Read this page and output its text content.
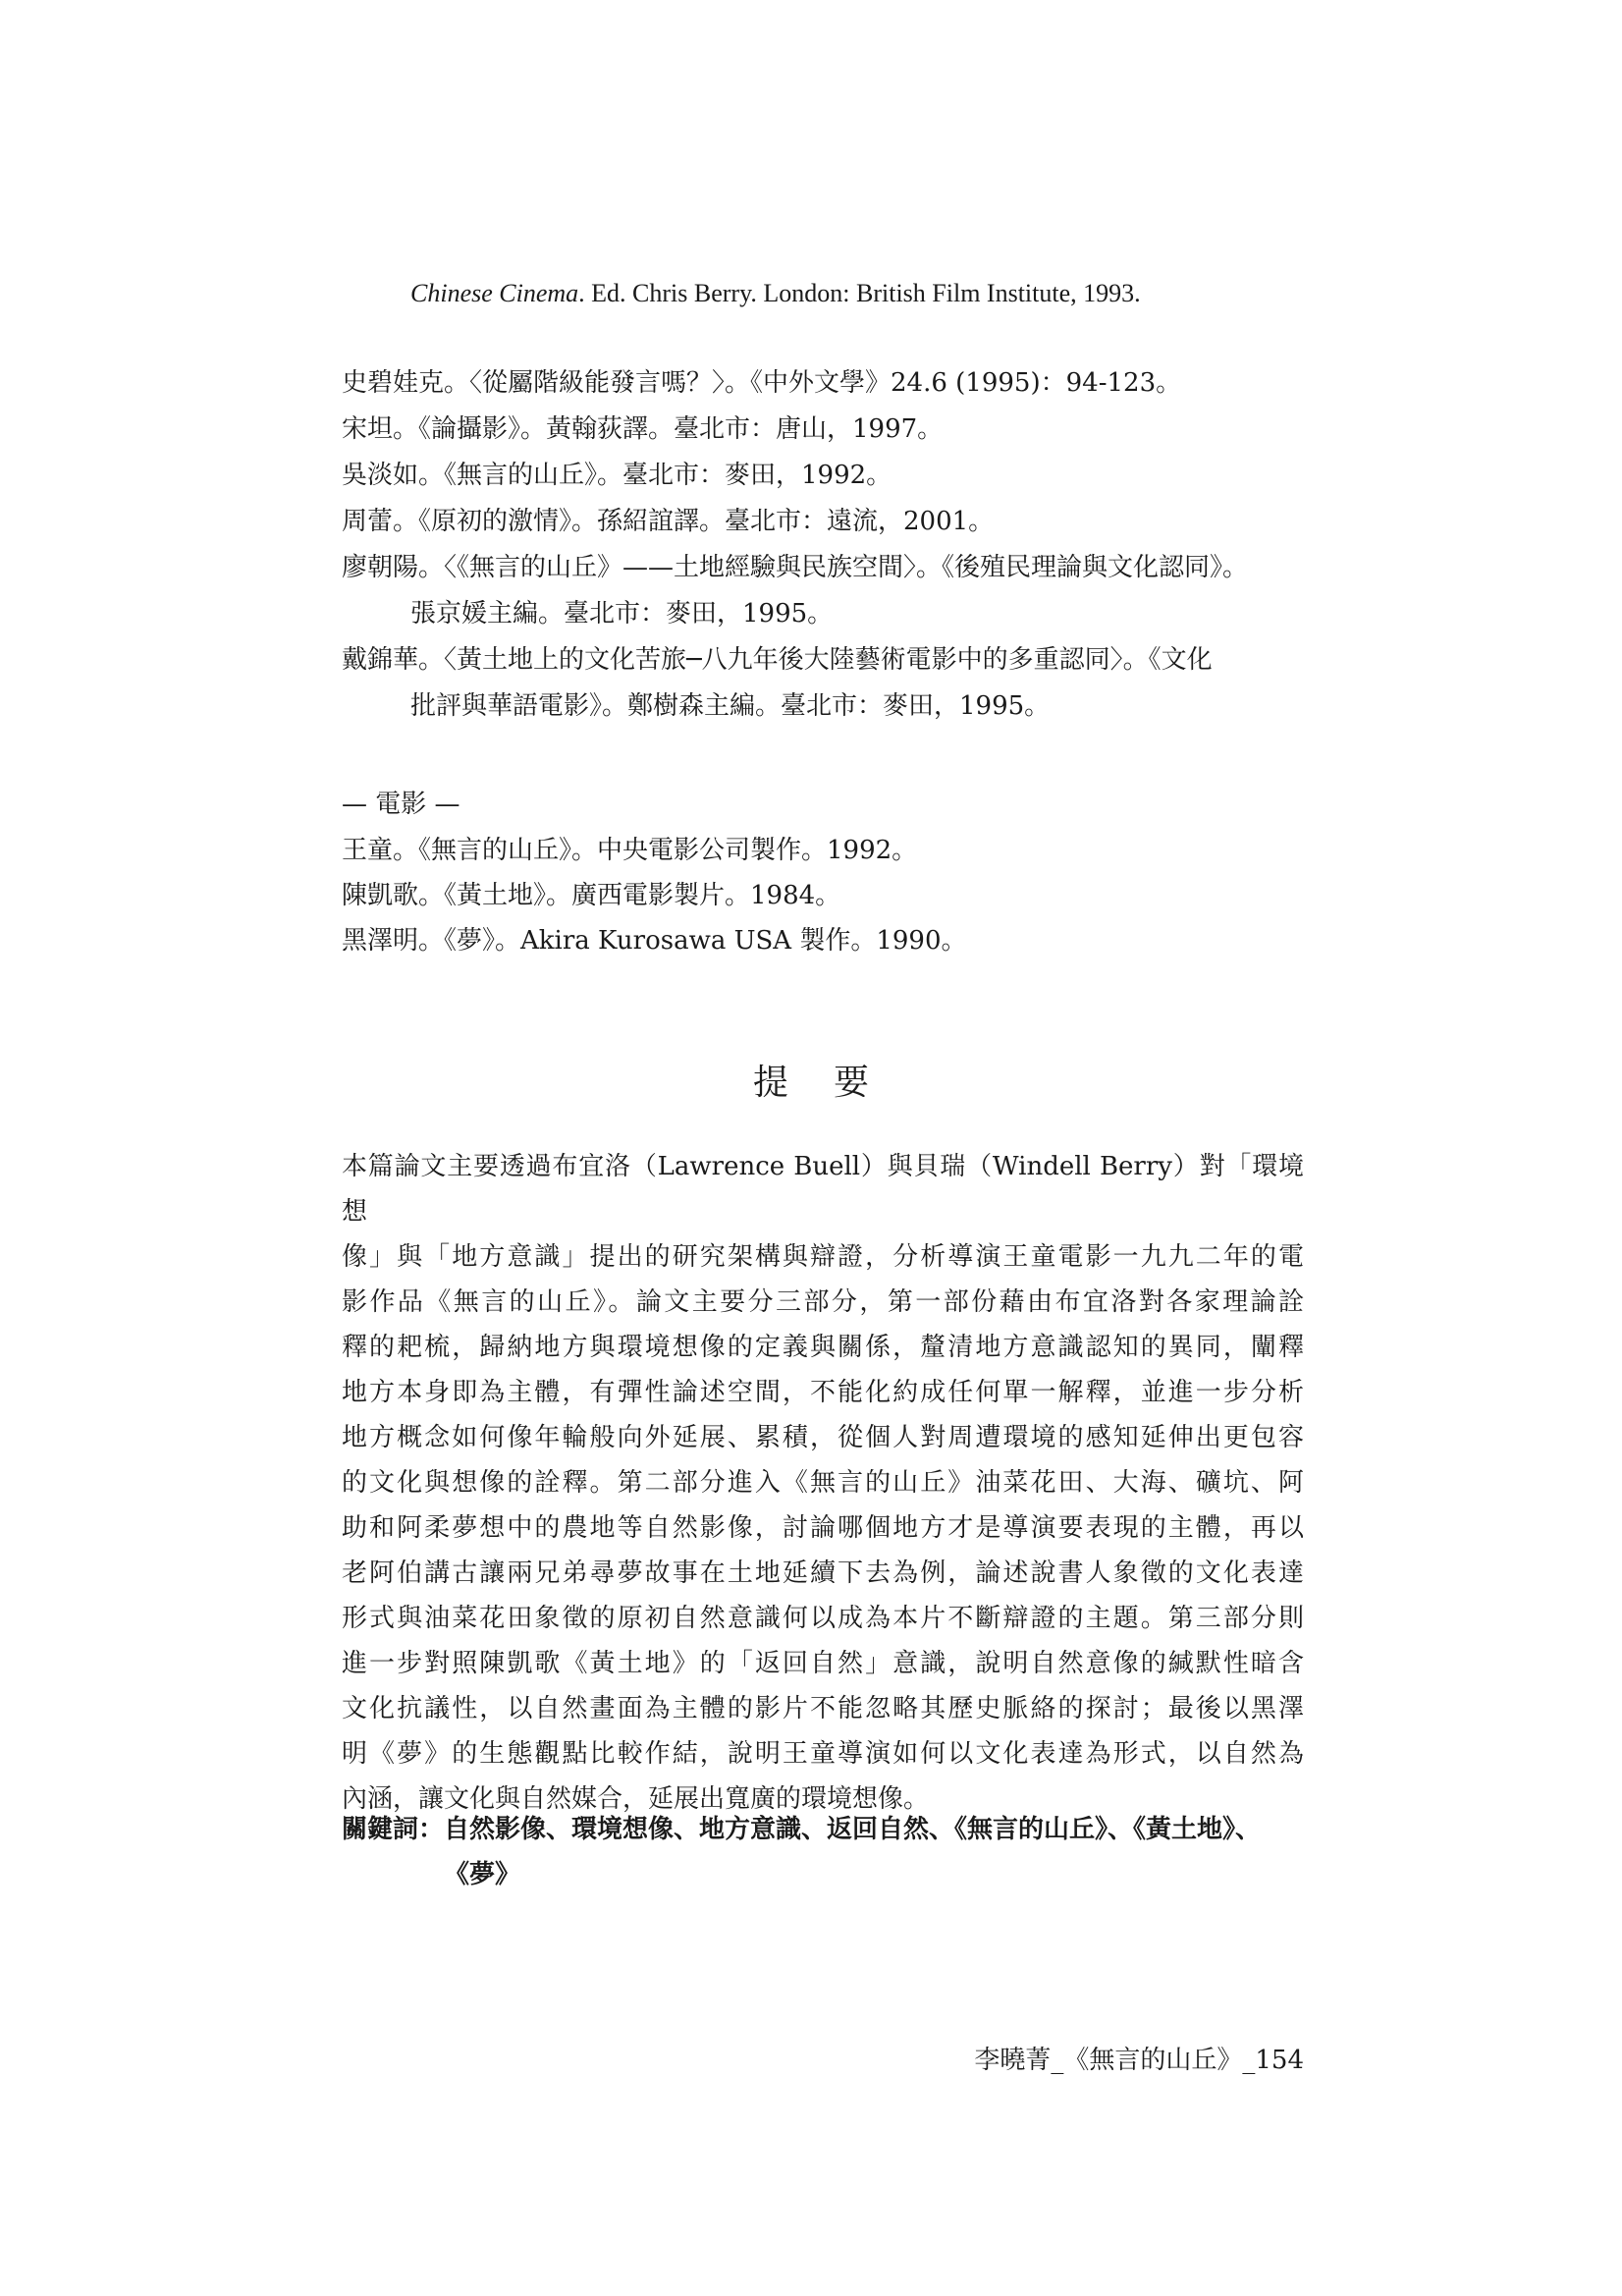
Chinese Cinema. Ed. Chris Berry. London: British Film Institute, 1993.
史碧娃克。〈從屬階級能發言嗎？〉。《中外文學》24.6 (1995)：94-123。
宋坦。《論攝影》。黃翰荻譯。臺北市：唐山，1997。
吳淡如。《無言的山丘》。臺北市：麥田，1992。
周蕾。《原初的激情》。孫紹誼譯。臺北市：遠流，2001。
廖朝陽。〈《無言的山丘》——土地經驗與民族空間〉。《後殖民理論與文化認同》。
張京媛主編。臺北市：麥田，1995。
戴錦華。〈黃土地上的文化苦旅─八九年後大陸藝術電影中的多重認同〉。《文化
批評與華語電影》。鄭樹森主編。臺北市：麥田，1995。
— 電影 —
王童。《無言的山丘》。中央電影公司製作。1992。
陳凱歌。《黃土地》。廣西電影製片。1984。
黑澤明。《夢》。Akira Kurosawa USA 製作。1990。
提要

本篇論文主要透過布宜洛（Lawrence Buell）與貝瑞（Windell Berry）對「環境想

像」與「地方意識」提出的研究架構與辯證，分析導演王童電影一九九二年的電

影作品《無言的山丘》。論文主要分三部分，第一部份藉由布宜洛對各家理論詮

釋的耙梳，歸納地方與環境想像的定義與關係，釐清地方意識認知的異同，闡釋

地方本身即為主體，有彈性論述空間，不能化約成任何單一解釋，並進一步分析

地方概念如何像年輪般向外延展、累積，從個人對周遭環境的感知延伸出更包容

的文化與想像的詮釋。第二部分進入《無言的山丘》油菜花田、大海、礦坑、阿

助和阿柔夢想中的農地等自然影像，討論哪個地方才是導演要表現的主體，再以

老阿伯講古讓兩兄弟尋夢故事在土地延續下去為例，論述說書人象徵的文化表達

形式與油菜花田象徵的原初自然意識何以成為本片不斷辯證的主題。第三部分則

進一步對照陳凱歌《黃土地》的「返回自然」意識，說明自然意像的緘默性暗含

文化抗議性，以自然畫面為主體的影片不能忽略其歷史脈絡的探討；最後以黑澤

明《夢》的生態觀點比較作結，說明王童導演如何以文化表達為形式，以自然為

內涵，讓文化與自然媒合，延展出寬廣的環境想像。

關鍵詞：自然影像、環境想像、地方意識、返回自然、《無言的山丘》、《黃土地》、
《夢》
李曉菁_《無言的山丘》_154
